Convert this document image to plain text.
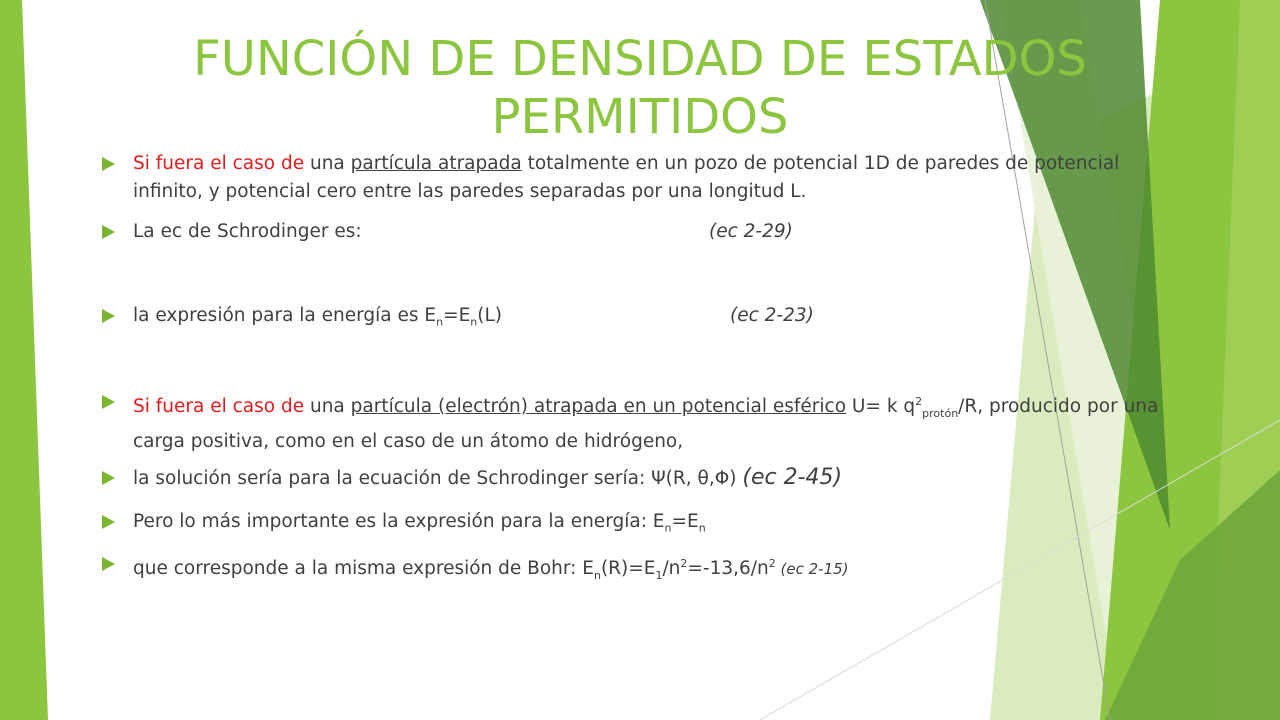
FUNCIÓN DE DENSIDAD DE ESTADOS PERMITIDOS
Si fuera el caso de una partícula atrapada totalmente en un pozo de potencial 1D de paredes de potencial infinito, y potencial cero entre las paredes separadas por una longitud L.
La ec de Schrodinger es:	(ec 2-29)
la expresión para la energía es $E_n=E_n(L)$	(ec 2-23)
Si fuera el caso de una partícula (electrón) atrapada en un potencial esférico U= k $q^2_{protón}/R$, producido por una carga positiva, como en el caso de un átomo de hidrógeno,
la solución sería para la ecuación de Schrodinger sería: Ψ(R, θ,Φ) (ec 2-45)
Pero lo más importante es la expresión para la energía: $E_n=E_n$
que corresponde a la misma expresión de Bohr: $E_n(R)=E_1/n^2=-13,6/n^2$ (ec 2-15)
